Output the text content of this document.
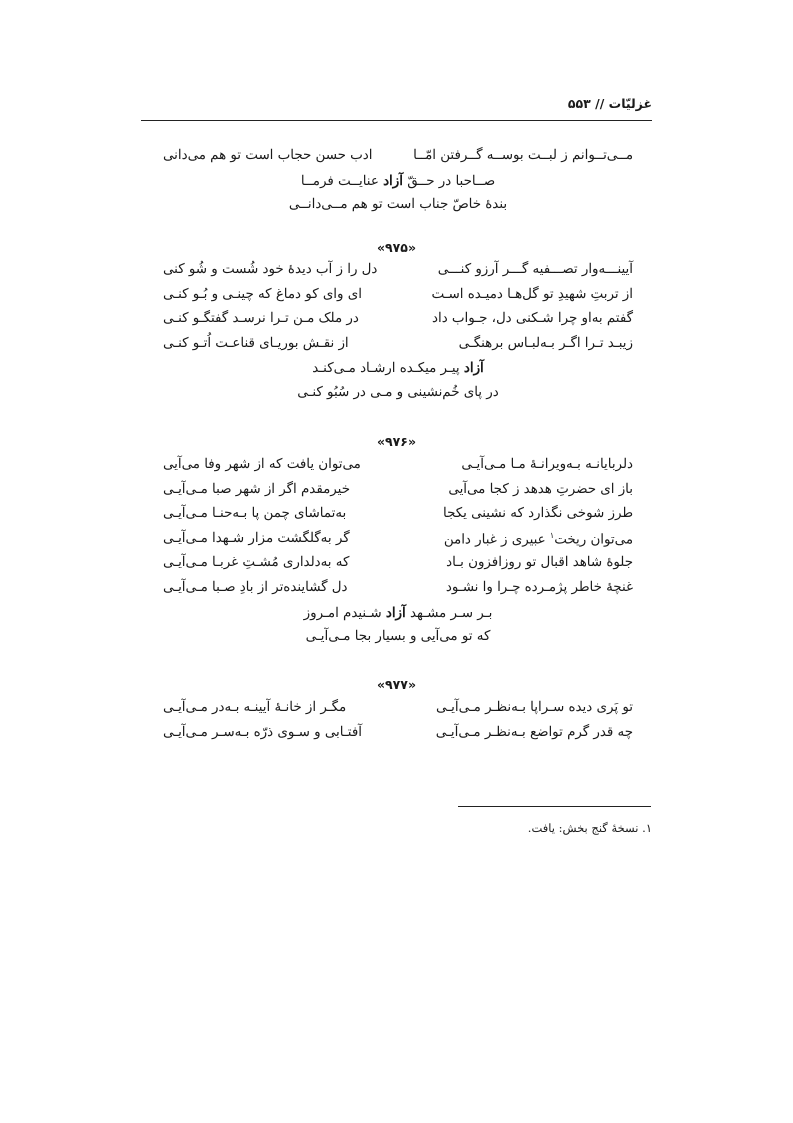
غزلیّات // ۵۵۳
مــی‌تــوانم ز لبــت بوســه گــرفتن امّــا
ادب حسن حجاب است تو هم می‌دانی
صــاحبا در حــقّ آزاد عنایــت فرمــا
بندهٔ خاصّ جناب است تو هم مــی‌دانــی
«۹۷۵»
آیینـــه‌وار تصـــفیه گـــر آرزو کنـــی
دل را ز آب دیدهٔ خود شُست و شُو کنی
از تربتِ شهیدِ تو گل‌هـا دمیـده اسـت
ای وای کو دماغ که چینـی و بُـو کنـی
گفتم به‌او چرا شـکنی دل، جـواب داد
در ملک مـن تـرا نرسـد گفتگـو کنـی
زیبـد تـرا اگـر بـه‌لبـاس برهنگـی
از نقـش بوریـای قناعـت اُتـو کنـی
آزاد پیـر میکـده ارشـاد مـی‌کنـد
در پای خُم‌نشینی و مـی در سُبُو کنـی
«۹۷۶»
دلربایانـه بـه‌ویرانـهٔ مـا مـی‌آیـی
می‌توان یافت که از شهر وفا می‌آیی
باز ای حضرتِ هدهد ز کجا می‌آیی
خیرمقدم اگر از شهر صبا مـی‌آیـی
طرز شوخی نگذارد که نشینی یکجا
به‌تماشای چمن پا بـه‌حنـا مـی‌آیـی
می‌توان ریخت$^۱$ عبیری ز غبار دامن
گر به‌گلگشت مزار شـهدا مـی‌آیـی
جلوهٔ شاهد اقبال تو روزافزون بـاد
که به‌دلداری مُشـتِ غربـا مـی‌آیـی
غنچهٔ خاطر پژمـرده چـرا وا نشـود
دل گشاینده‌تر از بادِ صـبا مـی‌آیـی
بـر سـر مشـهد آزاد شـنیدم امـروز
که تو می‌آیی و بسیار بجا مـی‌آیـی
«۹۷۷»
تو پَری دیده سـراپا بـه‌نظـر مـی‌آیـی
مگـر از خانـهٔ آیینـه بـه‌در مـی‌آیـی
چه قدر گرم تواضع بـه‌نظـر مـی‌آیـی
آفتـابی و سـوی ذرّه بـه‌سـر مـی‌آیـی
۱. نسخهٔ گنج بخش: یافت.
